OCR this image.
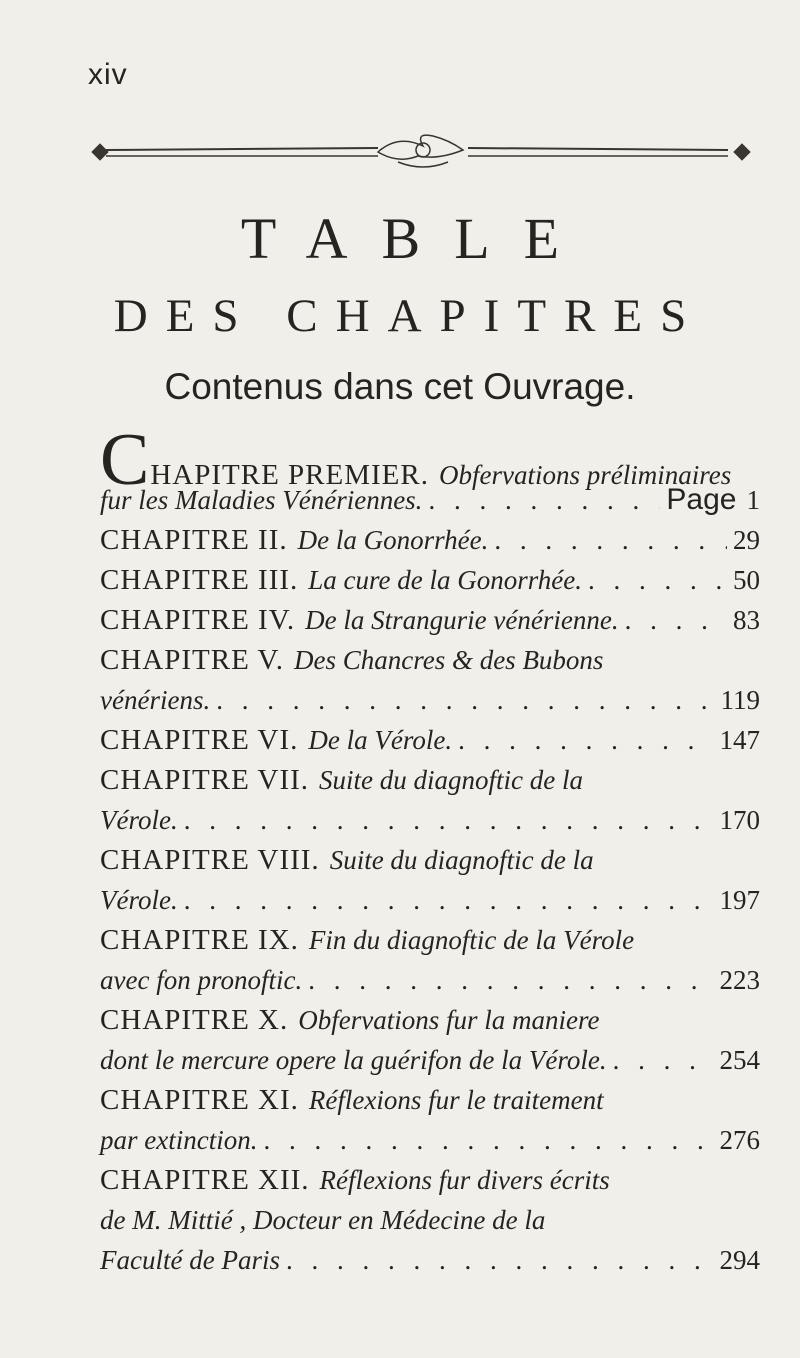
xiv
TABLE
DES CHAPITRES
Contenus dans cet Ouvrage.
CHAPITRE PREMIER. Obfervations préliminaires
fur les Maladies Vénériennes. . . .	Page 1
CHAPITRE II. De la Gonorrhée. . . .	29
CHAPITRE III. La cure de la Gonorrhée. . . .	50
CHAPITRE IV. De la Strangurie vénérienne. . . .	83
CHAPITRE V. Des Chancres & des Bubons
vénériens. . . .	119
CHAPITRE VI. De la Vérole. . . .	147
CHAPITRE VII. Suite du diagnoftic de la
Vérole. . . .	170
CHAPITRE VIII. Suite du diagnoftic de la
Vérole. . . .	197
CHAPITRE IX. Fin du diagnoftic de la Vérole
avec fon pronoftic. . . .	223
CHAPITRE X. Obfervations fur la maniere
dont le mercure opere la guérifon de la Vérole. . . .	254
CHAPITRE XI. Réflexions fur le traitement
par extinction. . . .	276
CHAPITRE XII. Réflexions fur divers écrits
de M. Mittié , Docteur en Médecine de la
Faculté de Paris . . .	294
